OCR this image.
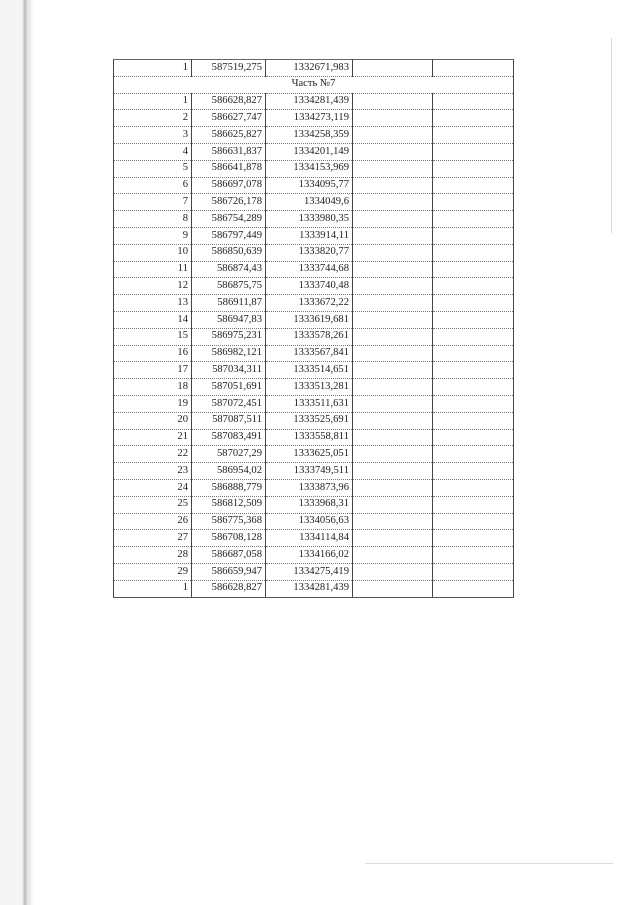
1	587519,275	1332671,983		
Часть №7				
1	586628,827	1334281,439		
2	586627,747	1334273,119		
3	586625,827	1334258,359		
4	586631,837	1334201,149		
5	586641,878	1334153,969		
6	586697,078	1334095,77		
7	586726,178	1334049,6		
8	586754,289	1333980,35		
9	586797,449	1333914,11		
10	586850,639	1333820,77		
11	586874,43	1333744,68		
12	586875,75	1333740,48		
13	586911,87	1333672,22		
14	586947,83	1333619,681		
15	586975,231	1333578,261		
16	586982,121	1333567,841		
17	587034,311	1333514,651		
18	587051,691	1333513,281		
19	587072,451	1333511,631		
20	587087,511	1333525,691		
21	587083,491	1333558,811		
22	587027,29	1333625,051		
23	586954,02	1333749,511		
24	586888,779	1333873,96		
25	586812,509	1333968,31		
26	586775,368	1334056,63		
27	586708,128	1334114,84		
28	586687,058	1334166,02		
29	586659,947	1334275,419		
1	586628,827	1334281,439		
